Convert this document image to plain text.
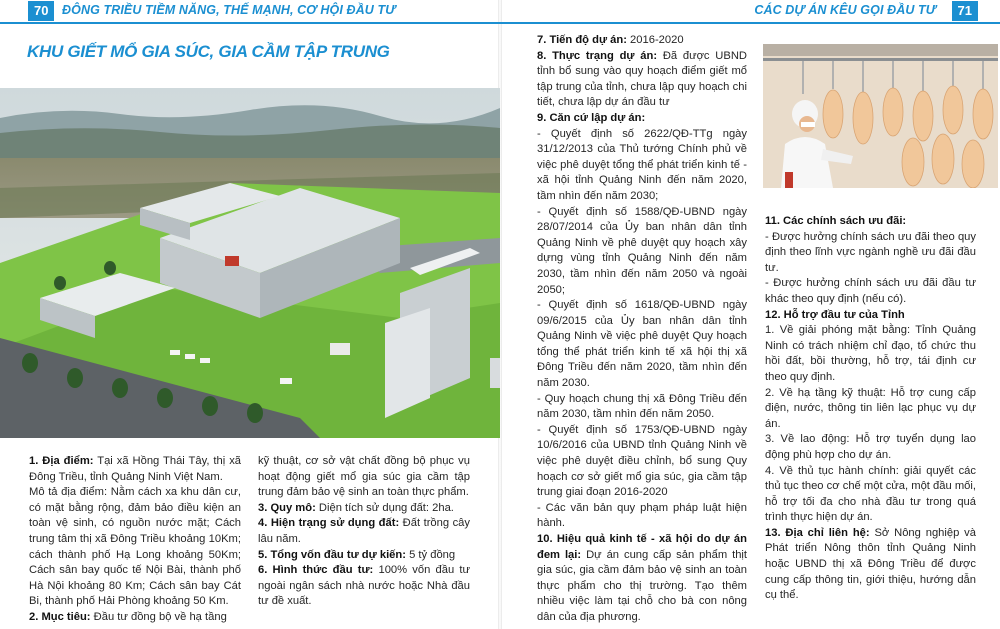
70	ĐÔNG TRIỀU TIỀM NĂNG, THẾ MẠNH, CƠ HỘI ĐẦU TƯ	CÁC DỰ ÁN KÊU GỌI ĐẦU TƯ	71
KHU GIẾT MỔ GIA SÚC, GIA CẦM TẬP TRUNG

1. Địa điểm: Tại xã Hồng Thái Tây, thị xã Đông Triều, tỉnh Quảng Ninh Việt Nam.

Mô tả địa điểm: Nằm cách xa khu dân cư, có mặt bằng rộng, đảm bảo điều kiện an toàn vệ sinh, có nguồn nước mặt; Cách trung tâm thị xã Đông Triều khoảng 10Km; cách thành phố Hạ Long khoảng 50Km; Cách sân bay quốc tế Nội Bài, thành phố Hà Nội khoảng 80 Km; Cách sân bay Cát Bi, thành phố Hải Phòng khoảng 50 Km.

2. Mục tiêu: Đầu tư đồng bộ về hạ tầng

kỹ thuật, cơ sở vật chất đồng bộ phục vụ hoạt động giết mổ gia súc gia cầm tập trung đảm bảo vệ sinh an toàn thực phẩm.

3. Quy mô: Diện tích sử dụng đất: 2ha.

4. Hiện trạng sử dụng đất: Đất trồng cây lâu năm.

5. Tổng vốn đầu tư dự kiến: 5 tỷ đồng

6. Hình thức đầu tư: 100% vốn đầu tư ngoài ngân sách nhà nước hoặc Nhà đầu tư đề xuất.

7. Tiến độ dự án: 2016-2020

8. Thực trạng dự án: Đã được UBND tỉnh bổ sung vào quy hoạch điểm giết mổ tập trung của tỉnh, chưa lập quy hoạch chi tiết, chưa lập dự án đầu tư

9. Căn cứ lập dự án:

- Quyết định số 2622/QĐ-TTg ngày 31/12/2013 của Thủ tướng Chính phủ về việc phê duyệt tổng thể phát triển kinh tế - xã hội tỉnh Quảng Ninh đến năm 2020, tầm nhìn đến năm 2030;

- Quyết định số 1588/QĐ-UBND ngày 28/07/2014 của Ủy ban nhân dân tỉnh Quảng Ninh về phê duyệt quy hoạch xây dựng vùng tỉnh Quảng Ninh đến năm 2030, tầm nhìn đến năm 2050 và ngoài 2050;

- Quyết định số 1618/QĐ-UBND ngày 09/6/2015 của Ủy ban nhân dân tỉnh Quảng Ninh về việc phê duyệt Quy hoạch tổng thể phát triển kinh tế xã hội thị xã Đông Triều đến năm 2020, tầm nhìn đến năm 2030.

- Quy hoạch chung thị xã Đông Triều đến năm 2030, tầm nhìn đến năm 2050.

- Quyết định số 1753/QĐ-UBND ngày 10/6/2016 của UBND tỉnh Quảng Ninh về việc phê duyệt điều chỉnh, bổ sung Quy hoạch cơ sở giết mổ gia súc, gia cầm tập trung giai đoạn 2016-2020

- Các văn bản quy phạm pháp luật hiện hành.

10. Hiệu quả kinh tế - xã hội do dự án đem lại: Dự án cung cấp sản phẩm thịt gia súc, gia cầm đảm bảo vệ sinh an toàn thực phẩm cho thị trường. Tạo thêm nhiều việc làm tại chỗ cho bà con nông dân của địa phương.

11. Các chính sách ưu đãi:

- Được hưởng chính sách ưu đãi theo quy định theo lĩnh vực ngành nghề ưu đãi đầu tư.

- Được hưởng chính sách ưu đãi đầu tư khác theo quy định (nếu có).

12. Hỗ trợ đầu tư của Tỉnh

1. Về giải phóng mặt bằng: Tỉnh Quảng Ninh có trách nhiệm chỉ đạo, tổ chức thu hồi đất, bồi thường, hỗ trợ, tái định cư theo quy định.

2. Về hạ tầng kỹ thuật: Hỗ trợ cung cấp điện, nước, thông tin liên lạc phục vụ dự án.

3. Về lao động: Hỗ trợ tuyển dụng lao động phù hợp cho dự án.

4. Về thủ tục hành chính: giải quyết các thủ tục theo cơ chế một cửa, một đầu mối, hỗ trợ tối đa cho nhà đầu tư trong quá trình thực hiện dự án.

13. Địa chỉ liên hệ: Sở Nông nghiệp và Phát triển Nông thôn tỉnh Quảng Ninh hoặc UBND thị xã Đông Triều để được cung cấp thông tin, giới thiệu, hướng dẫn cụ thể.
